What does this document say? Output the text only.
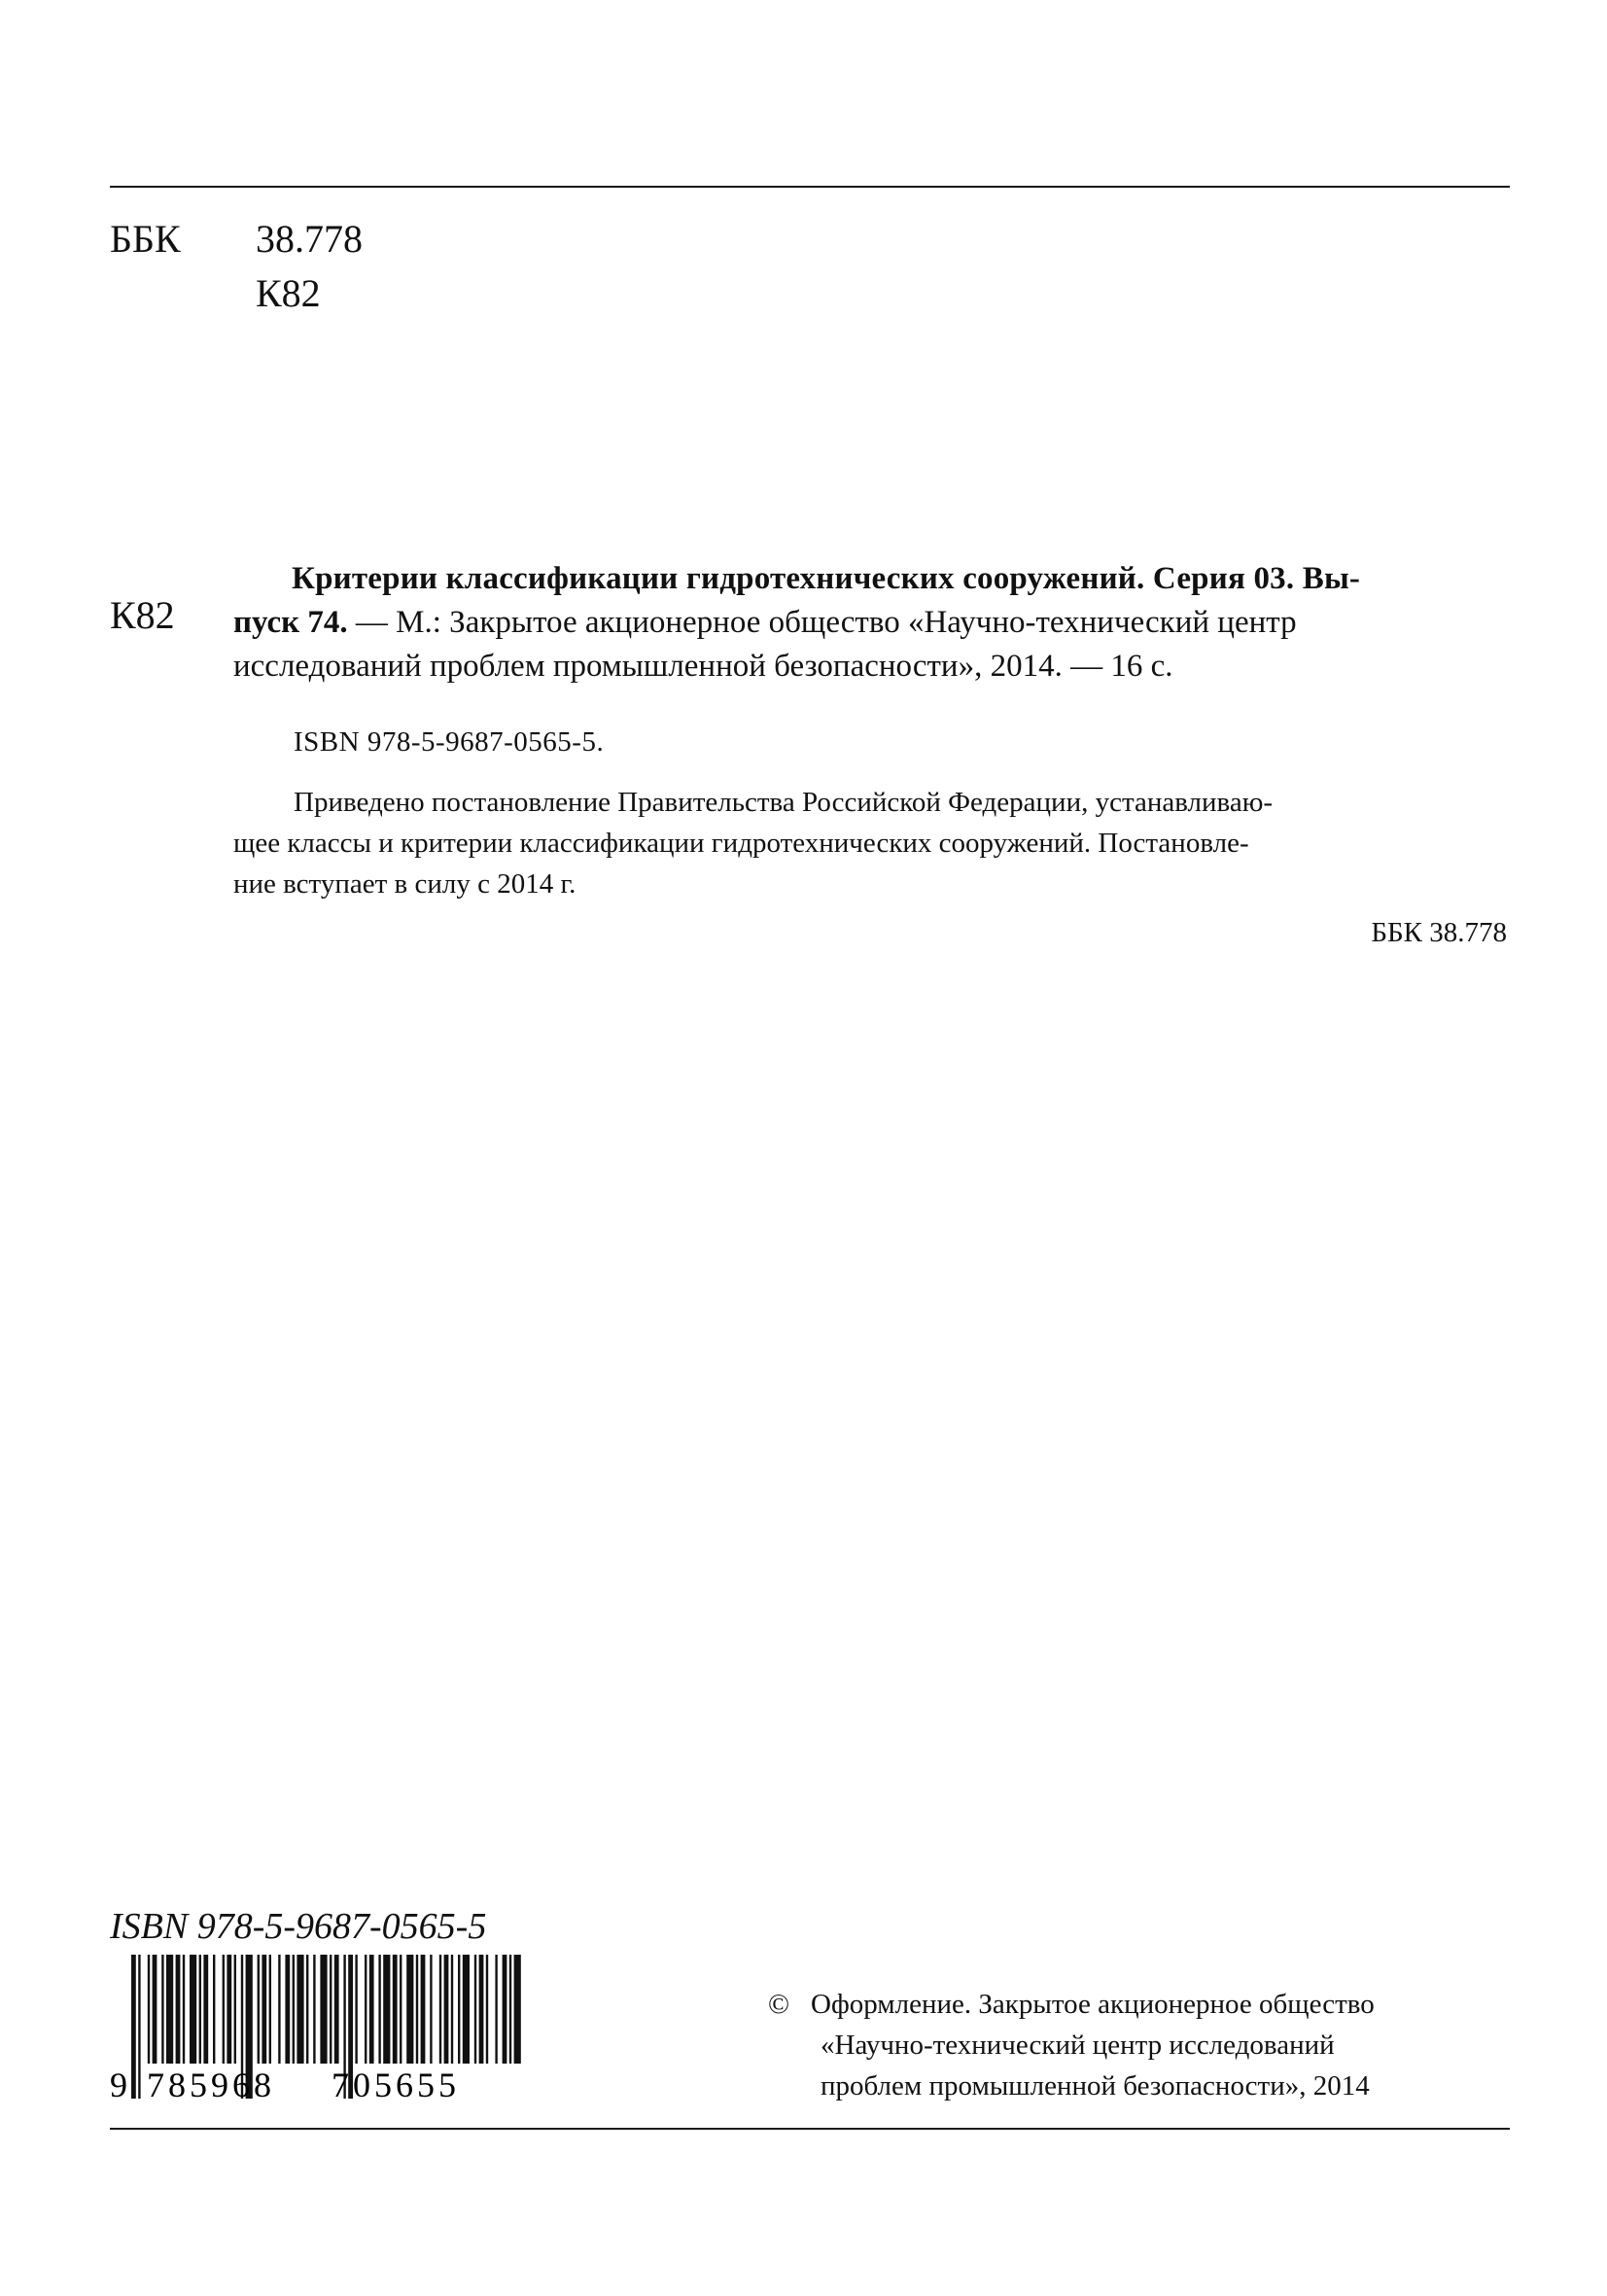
ББК 38.778
К82
К82
Критерии классификации гидротехнических сооружений. Серия 03. Вы-
пуск 74. — М.: Закрытое акционерное общество «Научно-технический центр
исследований проблем промышленной безопасности», 2014. — 16 с.
ISBN 978-5-9687-0565-5.
Приведено постановление Правительства Российской Федерации, устанавливаю-
щее классы и критерии классификации гидротехнических сооружений. Постановле-
ние вступает в силу с 2014 г.
ББК 38.778
ISBN 978-5-9687-0565-5
9 785968 705655
© Оформление. Закрытое акционерное общество
«Научно-технический центр исследований
проблем промышленной безопасности», 2014
